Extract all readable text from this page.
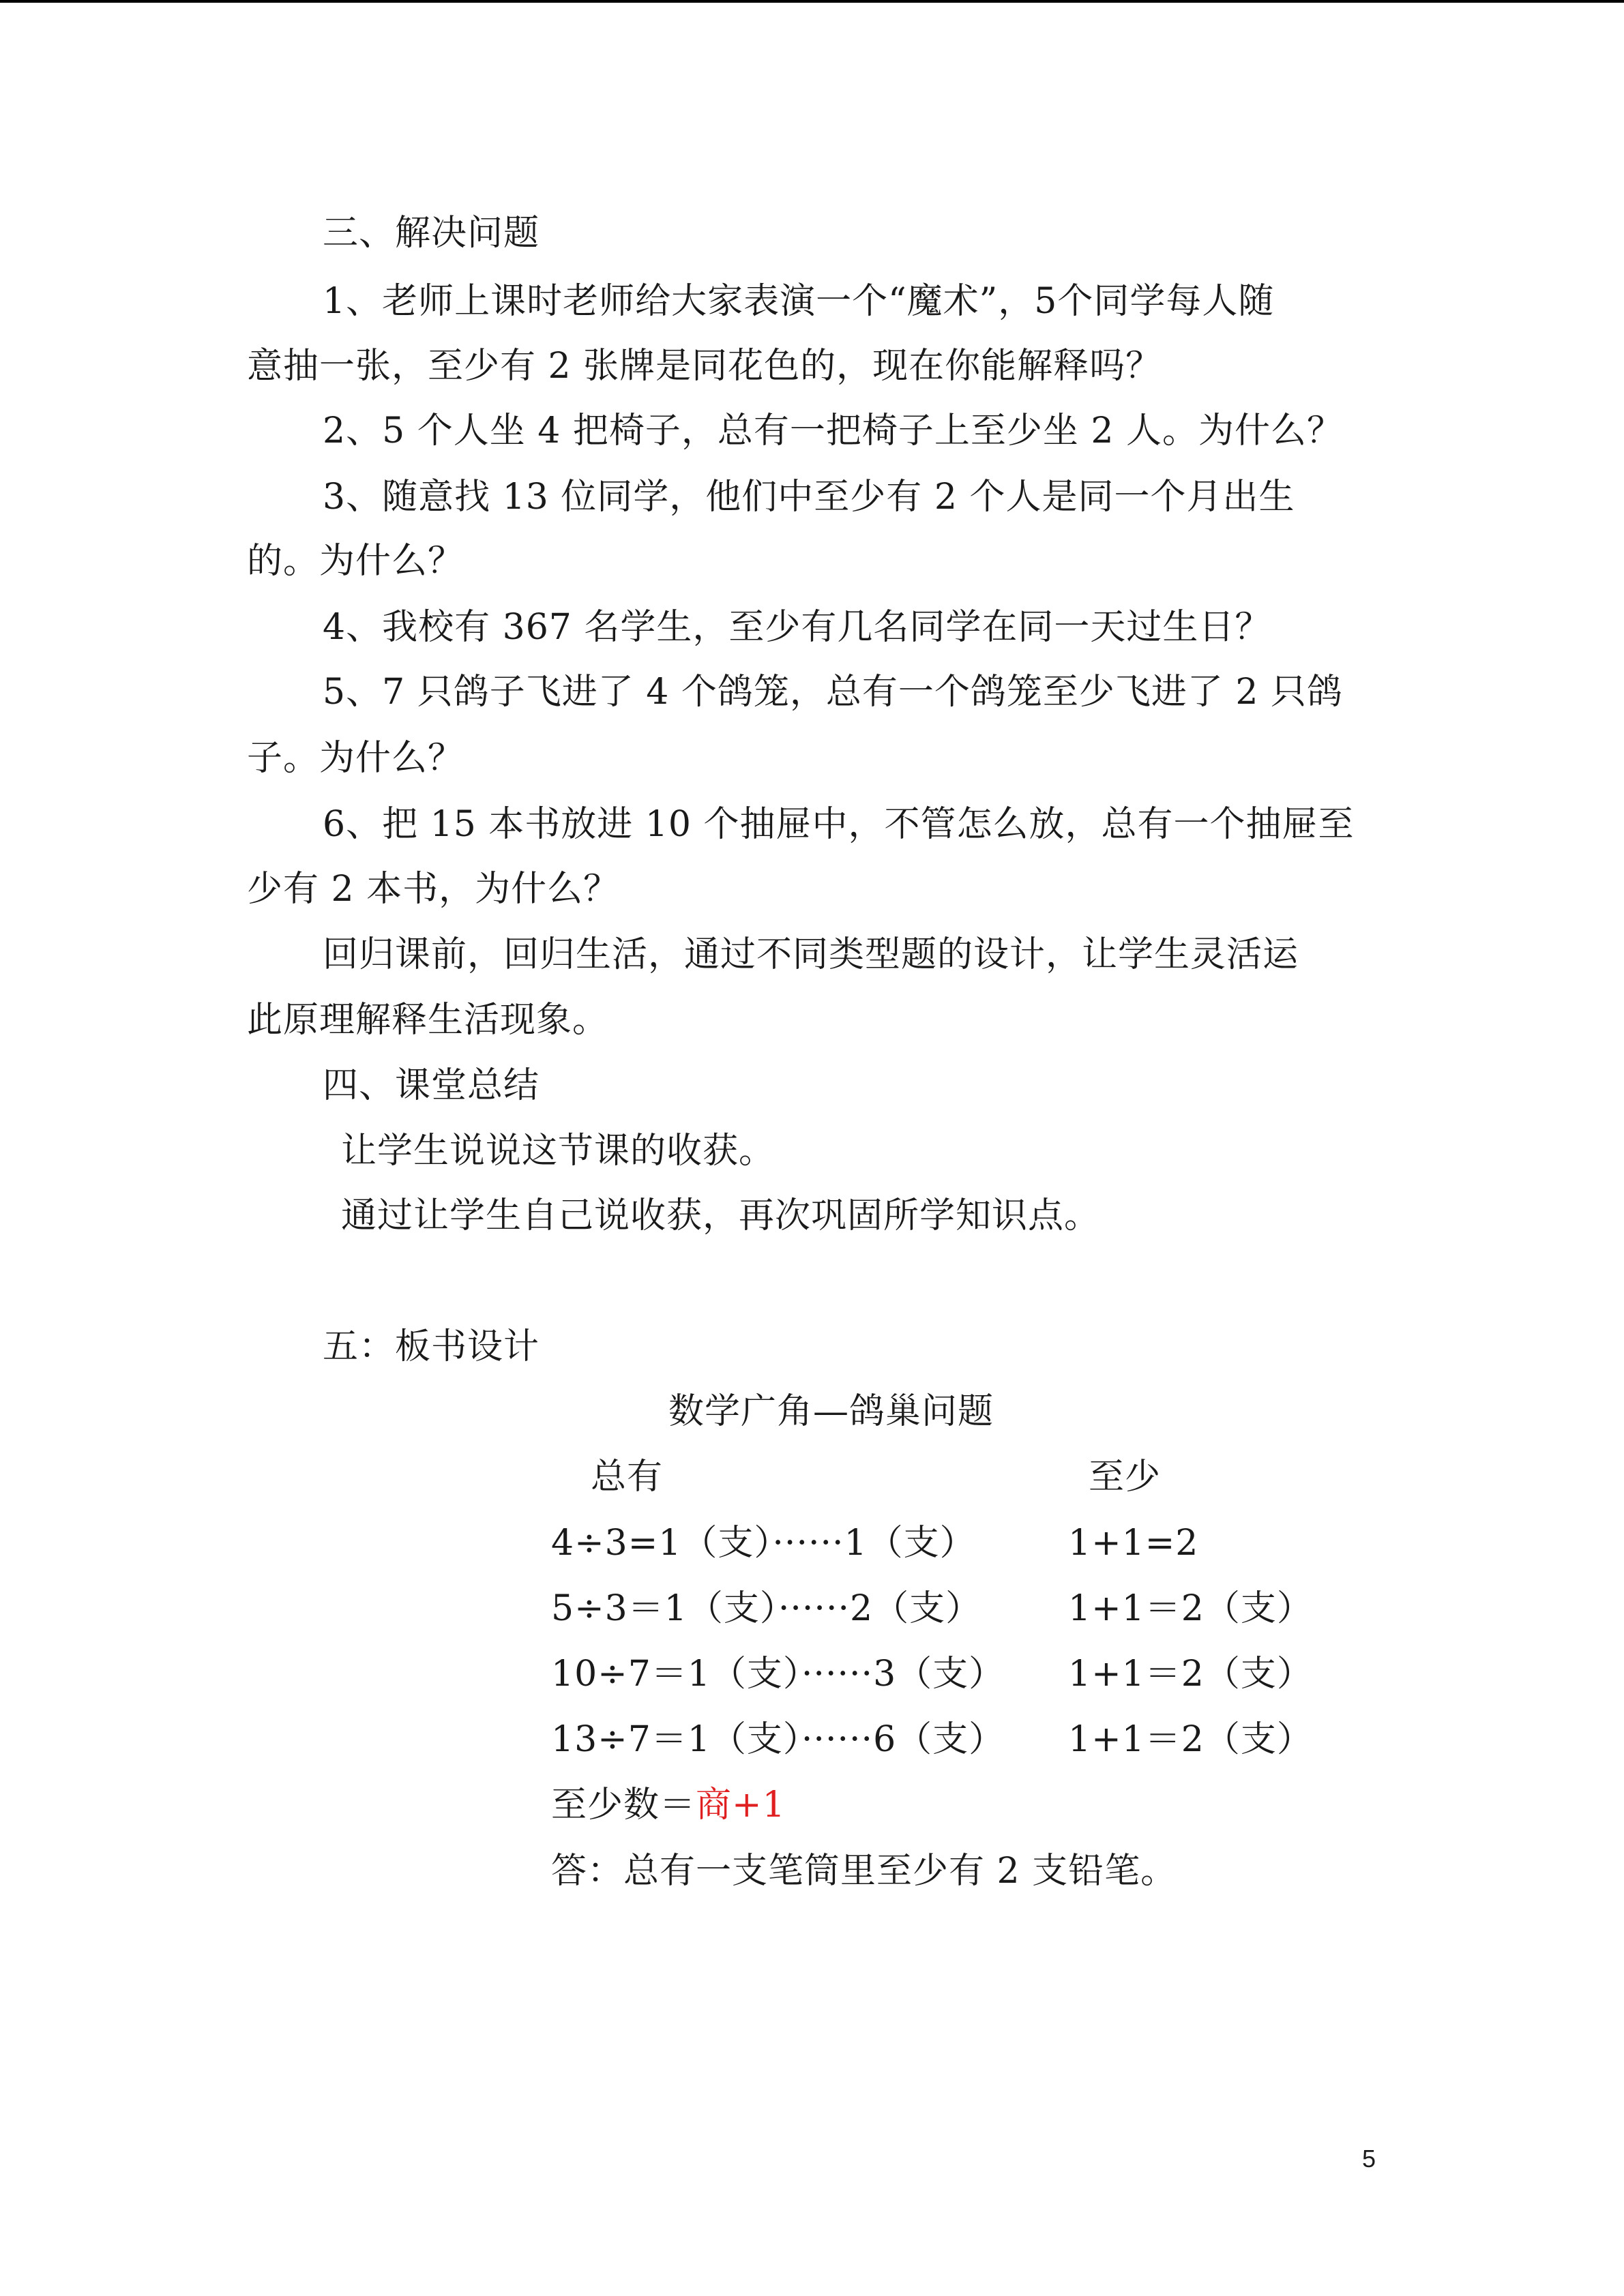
三、解决问题
1、老师上课时老师给大家表演一个“魔术”，5个同学每人随
意抽一张，至少有 2 张牌是同花色的，现在你能解释吗？
2、5 个人坐 4 把椅子，总有一把椅子上至少坐 2 人。为什么？
3、随意找 13 位同学，他们中至少有 2 个人是同一个月出生
的。为什么？
4、我校有 367 名学生，至少有几名同学在同一天过生日？
5、7 只鸽子飞进了 4 个鸽笼，总有一个鸽笼至少飞进了 2 只鸽
子。为什么？
6、把 15 本书放进 10 个抽屉中，不管怎么放，总有一个抽屉至
少有 2 本书，为什么？
回归课前，回归生活，通过不同类型题的设计，让学生灵活运
此原理解释生活现象。
四、课堂总结
让学生说说这节课的收获。
通过让学生自己说收获，再次巩固所学知识点。
五：板书设计
数学广角—鸽巢问题
总有	至少
4÷3=1（支）······1（支）	1+1=2
5÷3＝1（支）······2（支） 1+1＝2（支）
10÷7＝1（支）······3（支） 1+1＝2（支）
13÷7＝1（支）······6（支） 1+1＝2（支）
至少数＝商+1
答：总有一支笔筒里至少有 2 支铅笔。
5
